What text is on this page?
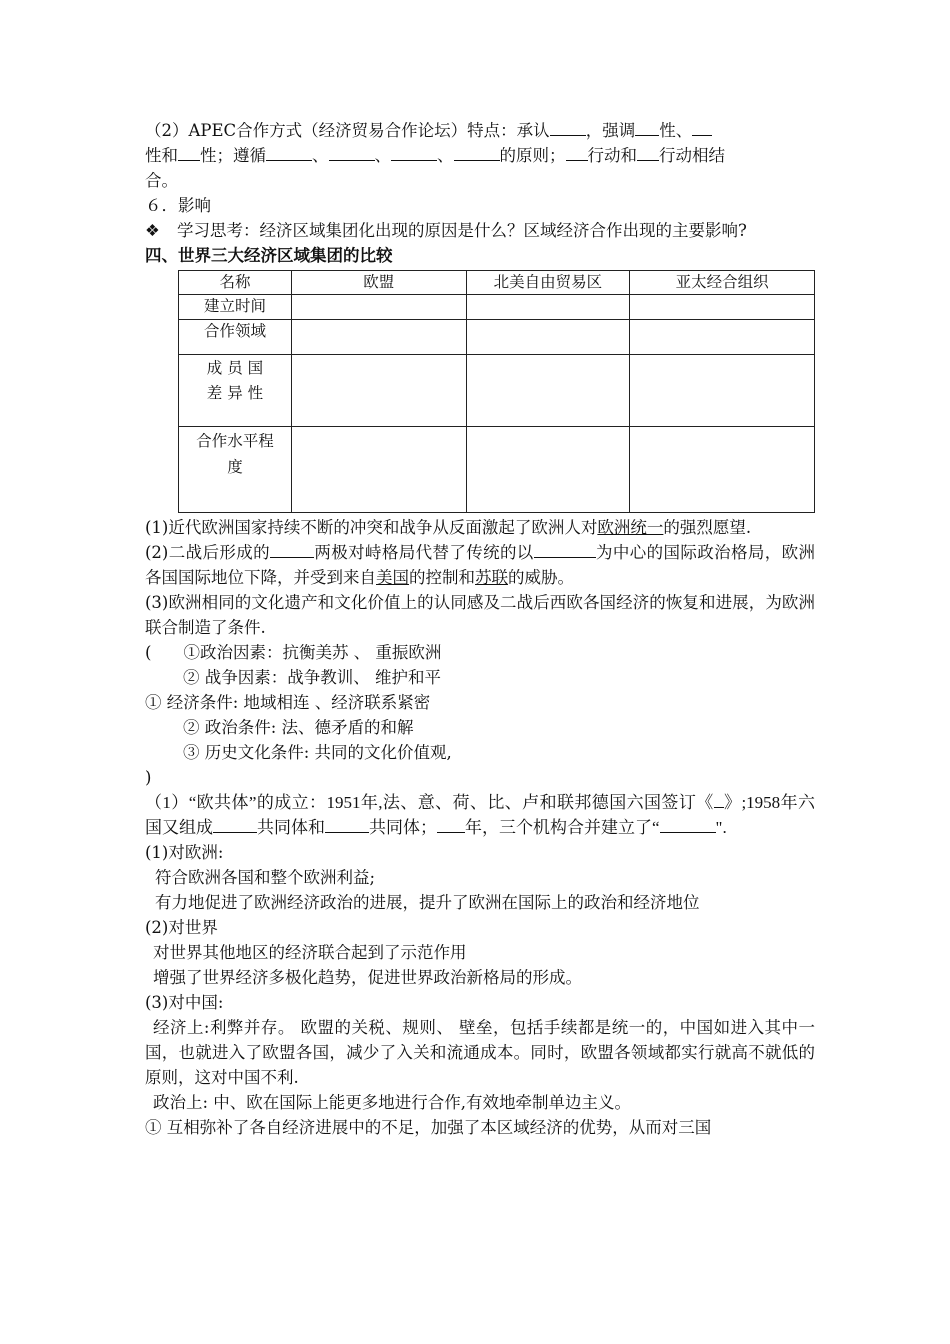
（2）APEC合作方式（经济贸易合作论坛）特点：承认 ，强调 性、

性和 性；遵循	、	、	、	的原则； 行动和 行动相结

合。

６．影响

❖	学习思考：经济区域集团化出现的原因是什么？区域经济合作出现的主要影响?

四、世界三大经济区域集团的比较

名称	欧盟	北美自由贸易区	亚太经合组织
建立时间			
合作领域			
成 员 国 差 异 性			
合作水平程度			

(1)近代欧洲国家持续不断的冲突和战争从反面激起了欧洲人对欧洲统一的强烈愿望.

(2)二战后形成的	两极对峙格局代替了传统的以	为中心的国际政治格局，欧洲各国国际地位下降，并受到来自美国的控制和苏联的威胁。

(3)欧洲相同的文化遗产和文化价值上的认同感及二战后西欧各国经济的恢复和进展，为欧洲联合制造了条件.

( ①政治因素：抗衡美苏 、 重振欧洲

② 战争因素：战争教训、 维护和平

① 经济条件: 地域相连 、经济联系紧密

② 政治条件: 法、德矛盾的和解

③ 历史文化条件: 共同的文化价值观,

)

（1）“欧共体”的成立：1951年,法、意、荷、比、卢和联邦德国六国签订《 》;1958年六国又组成	共同体和	共同体； 年，三个机构合并建立了“	".

(1)对欧洲:

符合欧洲各国和整个欧洲利益;

有力地促进了欧洲经济政治的进展，提升了欧洲在国际上的政治和经济地位

(2)对世界

对世界其他地区的经济联合起到了示范作用

增强了世界经济多极化趋势，促进世界政治新格局的形成。

(3)对中国:

经济上:利弊并存。 欧盟的关税、规则、 壁垒，包括手续都是统一的，中国如进入其中一国，也就进入了欧盟各国，减少了入关和流通成本。同时，欧盟各领域都实行就高不就低的原则，这对中国不利.

政治上: 中、欧在国际上能更多地进行合作,有效地牵制单边主义。

① 互相弥补了各自经济进展中的不足，加强了本区域经济的优势，从而对三国
